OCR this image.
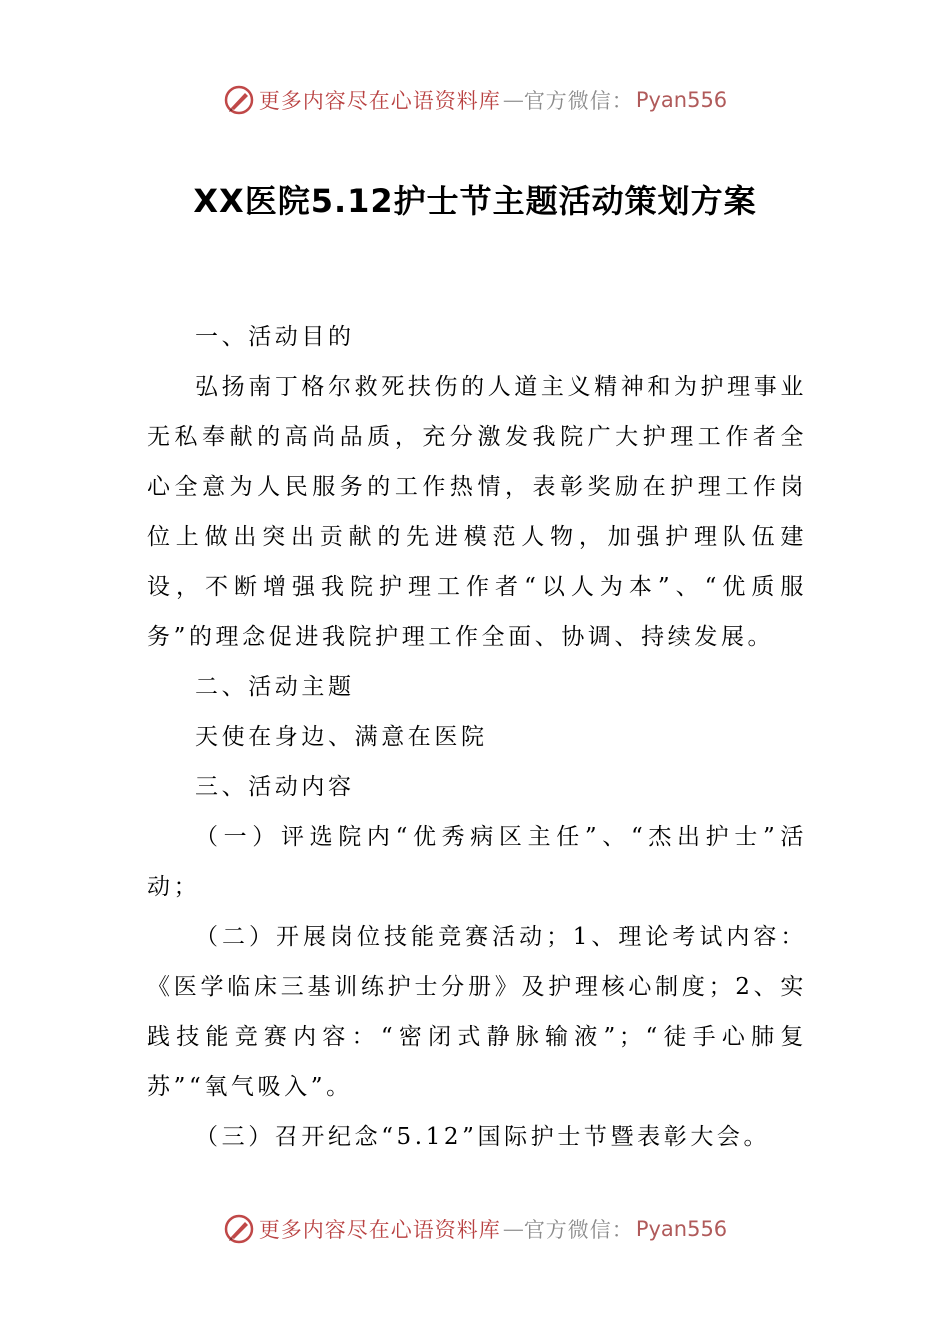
更多内容尽在心语资料库 — 官方微信： Pyan556
XX医院5.12护士节主题活动策划方案

一、活动目的

弘扬南丁格尔救死扶伤的人道主义精神和为护理事业无私奉献的高尚品质，充分激发我院广大护理工作者全心全意为人民服务的工作热情，表彰奖励在护理工作岗位上做出突出贡献的先进模范人物，加强护理队伍建设，不断增强我院护理工作者“以人为本”、“优质服务”的理念促进我院护理工作全面、协调、持续发展。

二、活动主题

天使在身边、满意在医院

三、活动内容

（一）评选院内“优秀病区主任”、“杰出护士”活动；

（二）开展岗位技能竞赛活动；1、理论考试内容：《医学临床三基训练护士分册》及护理核心制度；2、实践技能竞赛内容：“密闭式静脉输液”；“徒手心肺复苏”“氧气吸入”。

（三）召开纪念“5.12”国际护士节暨表彰大会。

更多内容尽在心语资料库 — 官方微信： Pyan556
